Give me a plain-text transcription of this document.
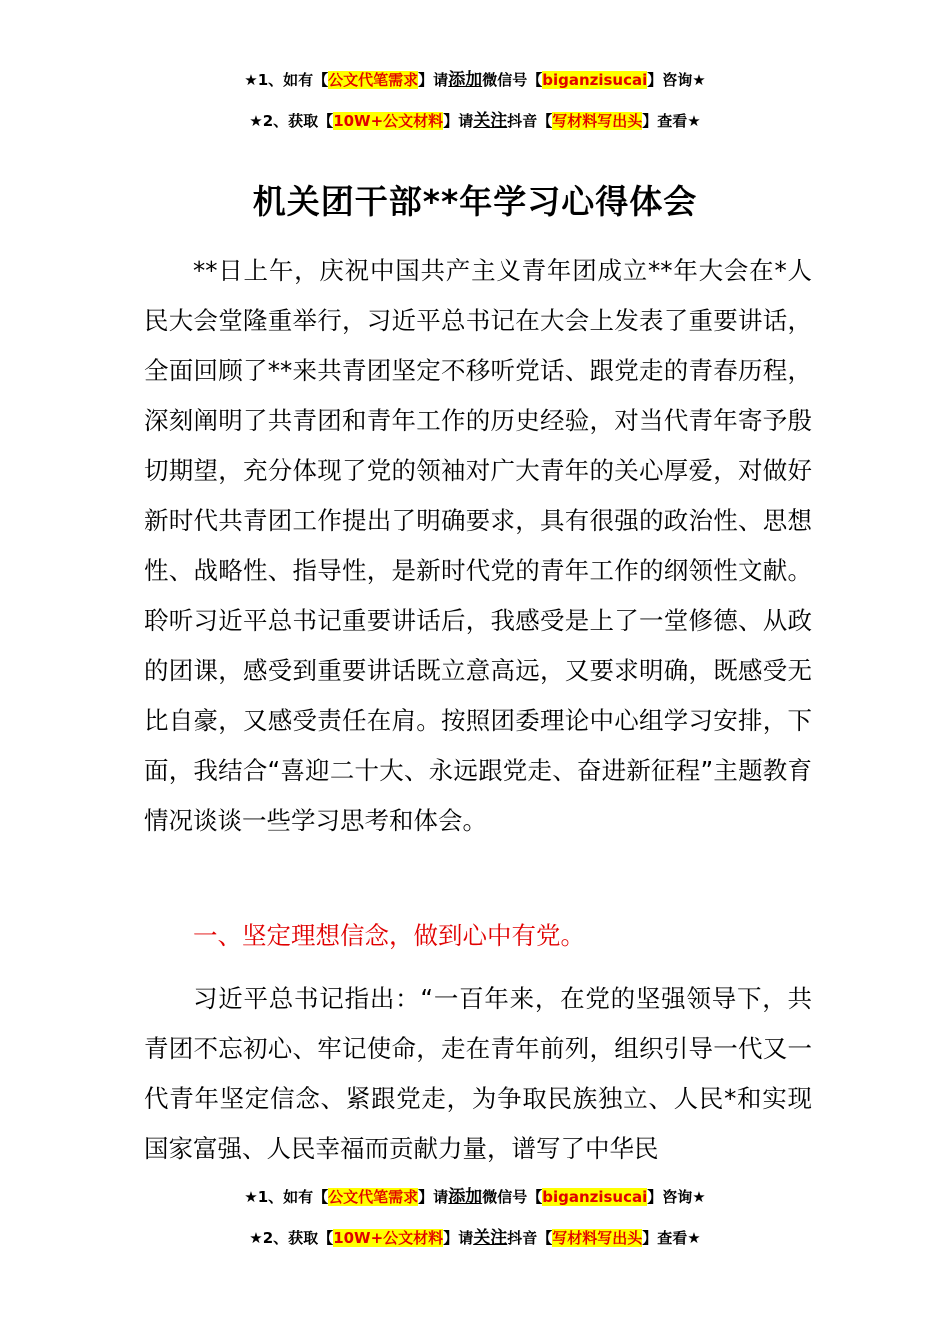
★1、如有【公文代笔需求】请添加微信号【biganzisucai】咨询★
★2、获取【10W+公文材料】请关注抖音【写材料写出头】查看★
机关团干部**年学习心得体会

**日上午，庆祝中国共产主义青年团成立**年大会在*人民大会堂隆重举行，习近平总书记在大会上发表了重要讲话，全面回顾了**来共青团坚定不移听党话、跟党走的青春历程，深刻阐明了共青团和青年工作的历史经验，对当代青年寄予殷切期望，充分体现了党的领袖对广大青年的关心厚爱，对做好新时代共青团工作提出了明确要求，具有很强的政治性、思想性、战略性、指导性，是新时代党的青年工作的纲领性文献。聆听习近平总书记重要讲话后，我感受是上了一堂修德、从政的团课，感受到重要讲话既立意高远，又要求明确，既感受无比自豪，又感受责任在肩。按照团委理论中心组学习安排，下面，我结合“喜迎二十大、永远跟党走、奋进新征程”主题教育情况谈谈一些学习思考和体会。

一、坚定理想信念，做到心中有党。

习近平总书记指出：“一百年来，在党的坚强领导下，共青团不忘初心、牢记使命，走在青年前列，组织引导一代又一代青年坚定信念、紧跟党走，为争取民族独立、人民*和实现国家富强、人民幸福而贡献力量，谱写了中华民

★1、如有【公文代笔需求】请添加微信号【biganzisucai】咨询★
★2、获取【10W+公文材料】请关注抖音【写材料写出头】查看★
